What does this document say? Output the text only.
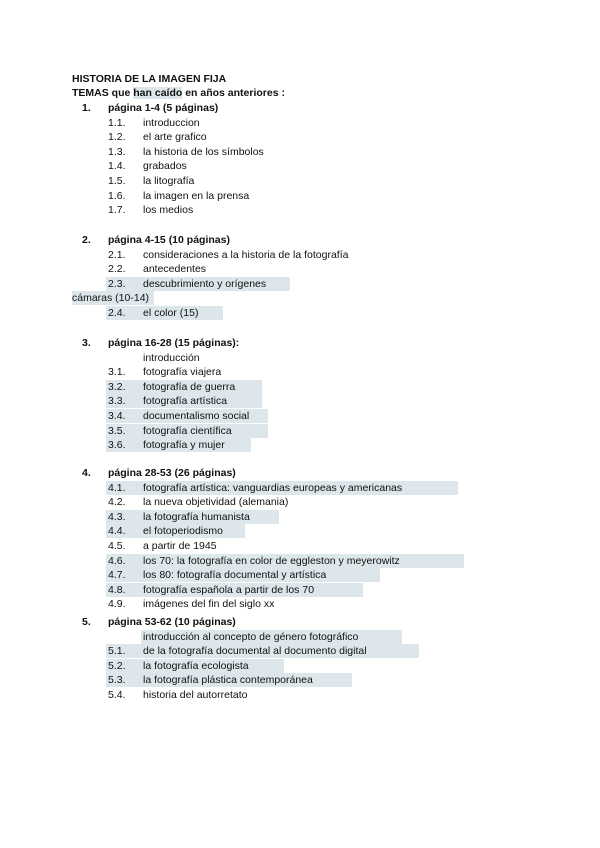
HISTORIA DE LA IMAGEN FIJA
TEMAS que han caído en años anteriores :
1. página 1-4 (5 páginas)
1.1. introduccion
1.2. el arte grafico
1.3. la historia de los símbolos
1.4. grabados
1.5. la litografía
1.6. la imagen en la prensa
1.7. los medios
2. página 4-15 (10 páginas)
2.1. consideraciones a la historia de la fotografía
2.2. antecedentes
2.3. descubrimiento y orígenes
cámaras (10-14)
2.4. el color (15)
3. página 16-28 (15 páginas):
introducción
3.1. fotografía viajera
3.2. fotografía de guerra
3.3. fotografía artística
3.4. documentalismo social
3.5. fotografía científica
3.6. fotografía y mujer
4. página 28-53 (26 páginas)
4.1. fotografía artística: vanguardias europeas y americanas
4.2. la nueva objetividad (alemania)
4.3. la fotografía humanista
4.4. el fotoperiodismo
4.5. a partir de 1945
4.6. los 70: la fotografía en color de eggleston y meyerowitz
4.7. los 80: fotografía documental y artística
4.8. fotografía española a partir de los 70
4.9. imágenes del fin del siglo xx
5. página 53-62 (10 páginas)
introducción al concepto de género fotográfico
5.1. de la fotografía documental al documento digital
5.2. la fotografía ecologista
5.3. la fotografía plástica contemporánea
5.4. historia del autorretato
